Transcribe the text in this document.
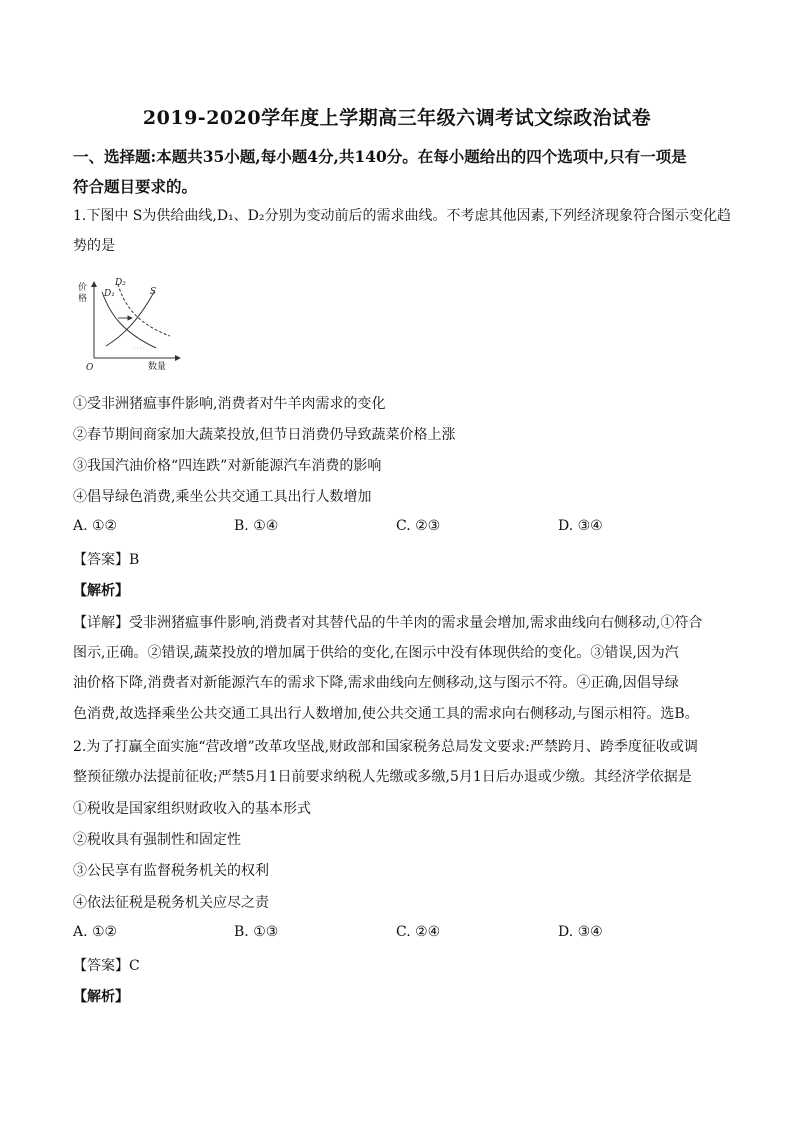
2019-2020学年度上学期高三年级六调考试文综政治试卷
一、选择题:本题共35小题,每小题4分,共140分。在每小题给出的四个选项中,只有一项是
符合题目要求的。
1.下图中 S为供给曲线,D₁、D₂分别为变动前后的需求曲线。不考虑其他因素,下列经济现象符合图示变化趋
势的是
价
格
数量
O
D₂
D₁	S
①受非洲猪瘟事件影响,消费者对牛羊肉需求的变化
②春节期间商家加大蔬菜投放,但节日消费仍导致蔬菜价格上涨
③我国汽油价格“四连跌”对新能源汽车消费的影响
④倡导绿色消费,乘坐公共交通工具出行人数增加
A. ①②	B. ①④	C. ②③	D. ③④
【答案】B
【解析】
【详解】受非洲猪瘟事件影响,消费者对其替代品的牛羊肉的需求量会增加,需求曲线向右侧移动,①符合
图示,正确。②错误,蔬菜投放的增加属于供给的变化,在图示中没有体现供给的变化。③错误,因为汽
油价格下降,消费者对新能源汽车的需求下降,需求曲线向左侧移动,这与图示不符。④正确,因倡导绿
色消费,故选择乘坐公共交通工具出行人数增加,使公共交通工具的需求向右侧移动,与图示相符。选B。
2.为了打赢全面实施“营改增”改革攻坚战,财政部和国家税务总局发文要求:严禁跨月、跨季度征收或调
整预征缴办法提前征收;严禁5月1日前要求纳税人先缴或多缴,5月1日后办退或少缴。其经济学依据是
①税收是国家组织财政收入的基本形式
②税收具有强制性和固定性
③公民享有监督税务机关的权利
④依法征税是税务机关应尽之责
A. ①②	B. ①③	C. ②④	D. ③④
【答案】C
【解析】
